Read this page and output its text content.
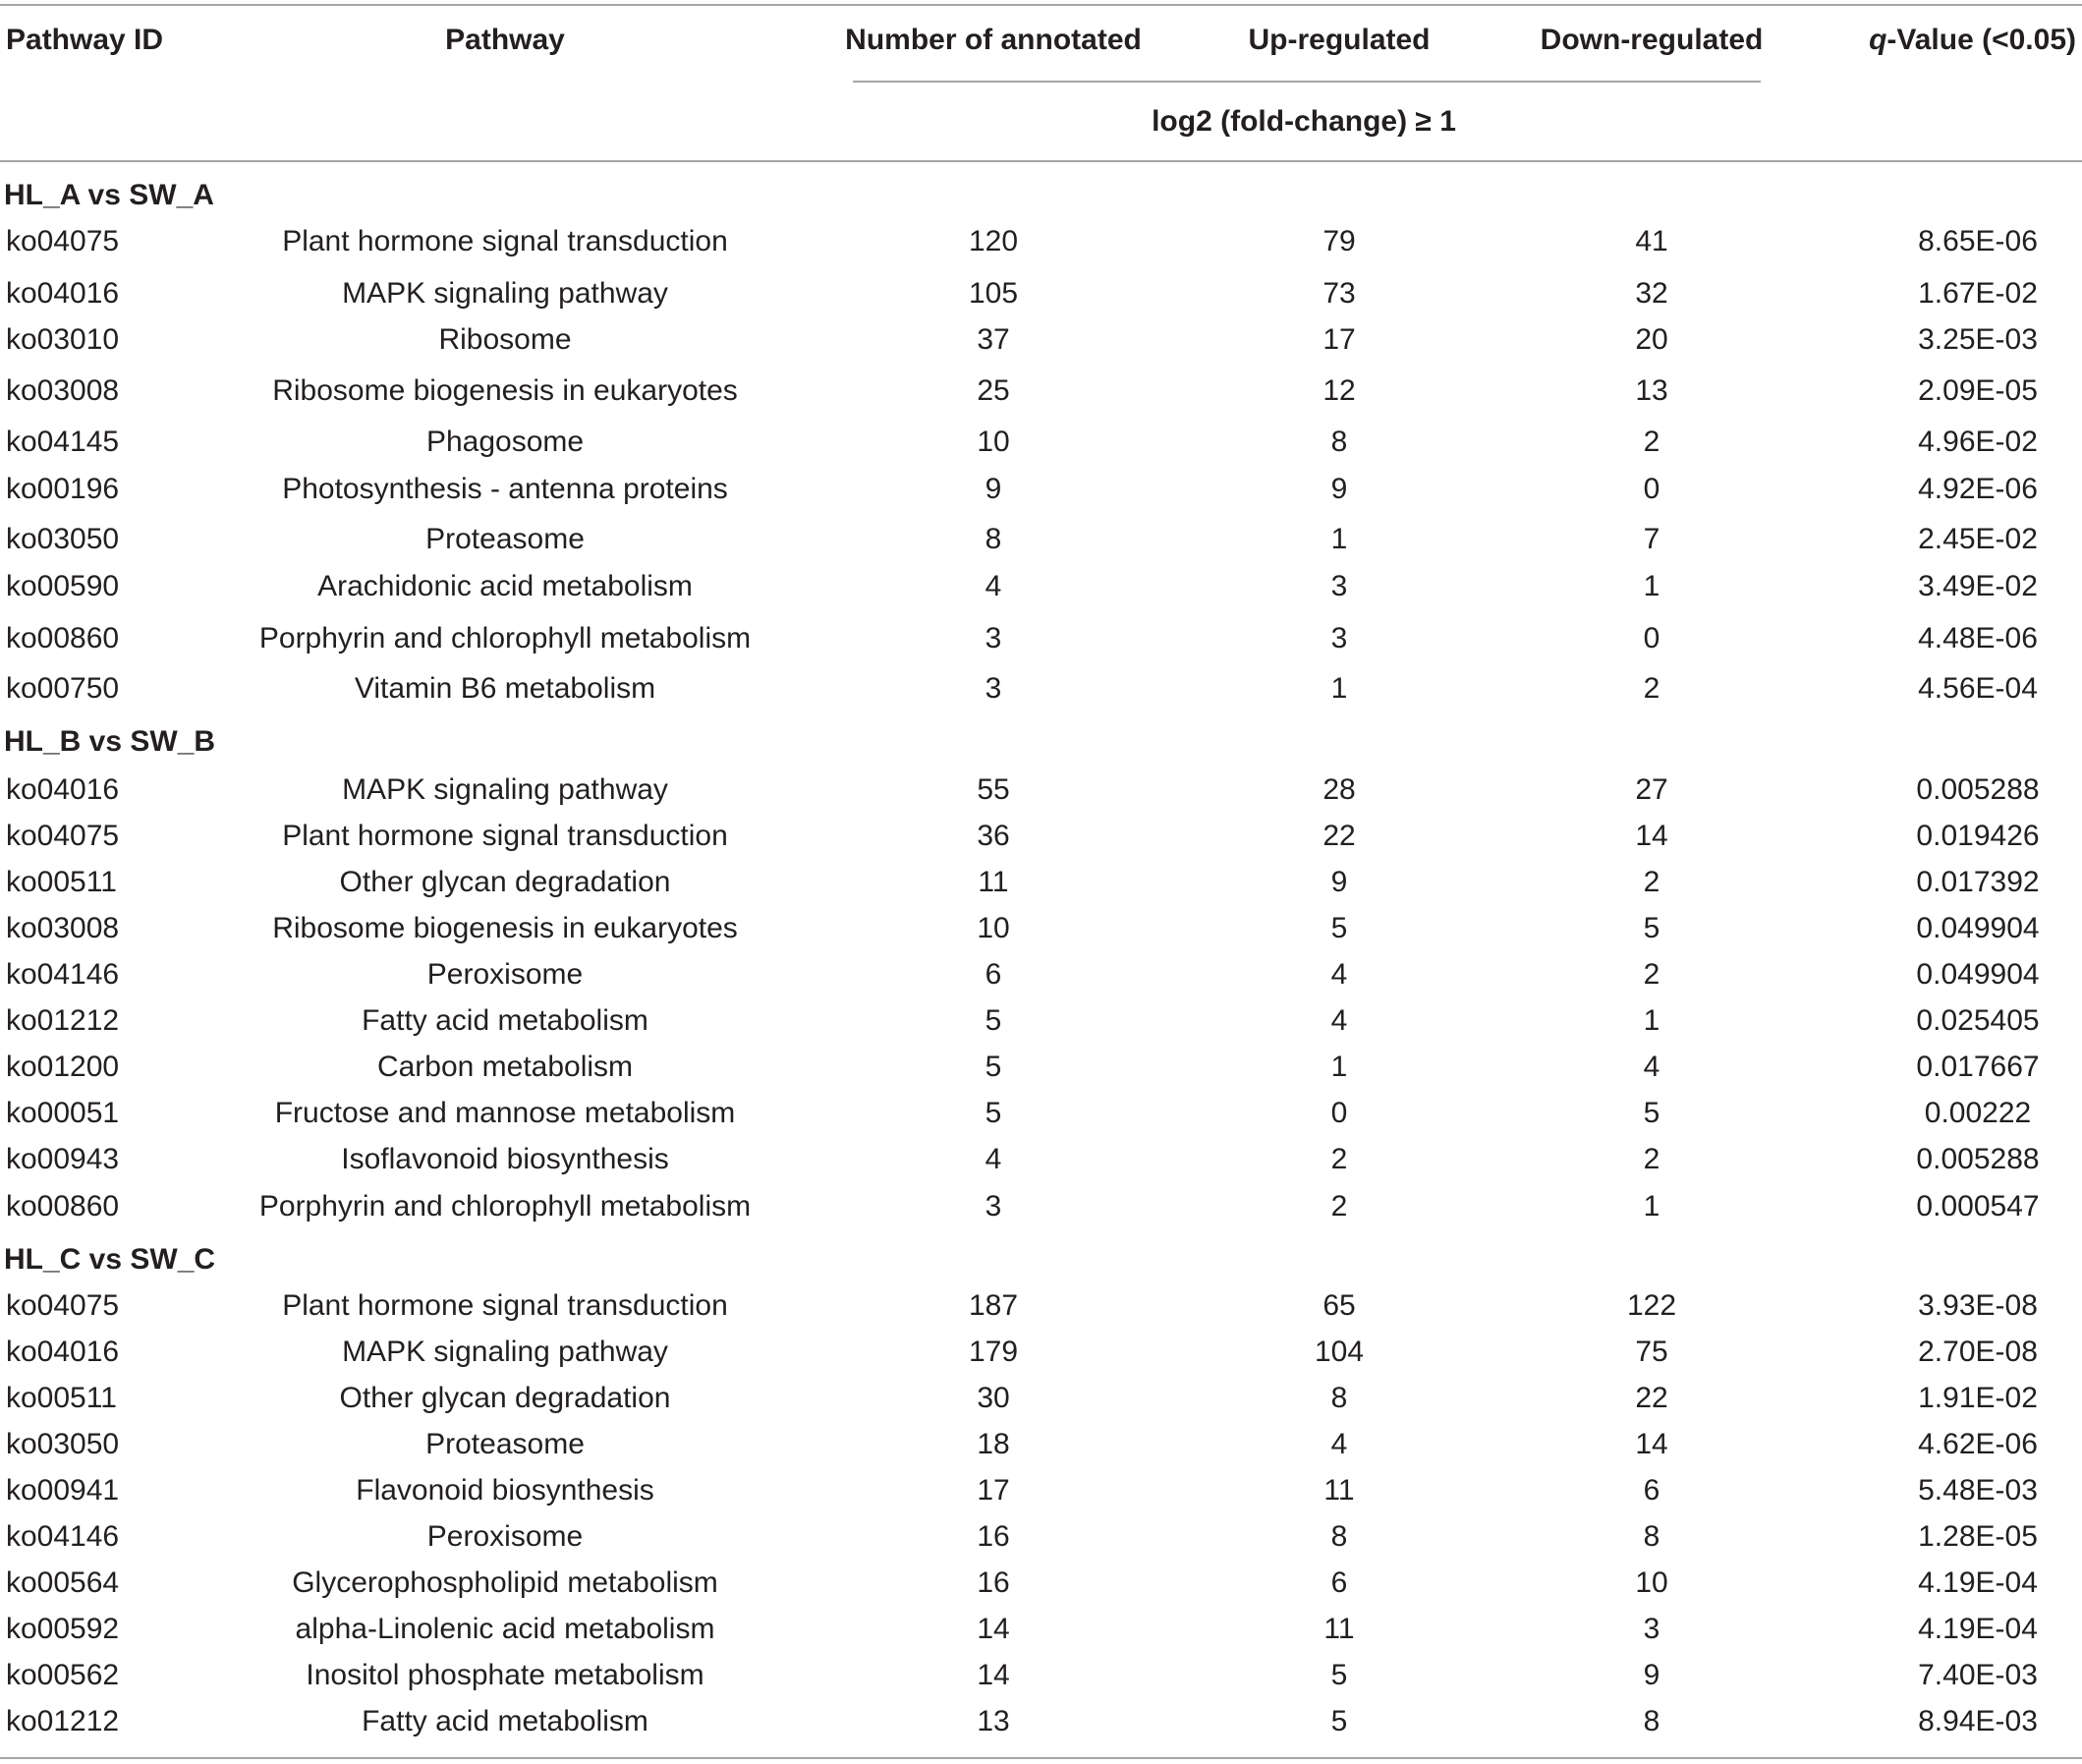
Pathway ID	Pathway	Number of annotated	Up-regulated	Down-regulated	q-Value (<0.05)
log2 (fold-change) ≥ 1
HL_A vs SW_A
ko04075	Plant hormone signal transduction	120	79	41	8.65E-06
ko04016	MAPK signaling pathway	105	73	32	1.67E-02
ko03010	Ribosome	37	17	20	3.25E-03
ko03008	Ribosome biogenesis in eukaryotes	25	12	13	2.09E-05
ko04145	Phagosome	10	8	2	4.96E-02
ko00196	Photosynthesis - antenna proteins	9	9	0	4.92E-06
ko03050	Proteasome	8	1	7	2.45E-02
ko00590	Arachidonic acid metabolism	4	3	1	3.49E-02
ko00860	Porphyrin and chlorophyll metabolism	3	3	0	4.48E-06
ko00750	Vitamin B6 metabolism	3	1	2	4.56E-04
HL_B vs SW_B
ko04016	MAPK signaling pathway	55	28	27	0.005288
ko04075	Plant hormone signal transduction	36	22	14	0.019426
ko00511	Other glycan degradation	11	9	2	0.017392
ko03008	Ribosome biogenesis in eukaryotes	10	5	5	0.049904
ko04146	Peroxisome	6	4	2	0.049904
ko01212	Fatty acid metabolism	5	4	1	0.025405
ko01200	Carbon metabolism	5	1	4	0.017667
ko00051	Fructose and mannose metabolism	5	0	5	0.00222
ko00943	Isoflavonoid biosynthesis	4	2	2	0.005288
ko00860	Porphyrin and chlorophyll metabolism	3	2	1	0.000547
HL_C vs SW_C
ko04075	Plant hormone signal transduction	187	65	122	3.93E-08
ko04016	MAPK signaling pathway	179	104	75	2.70E-08
ko00511	Other glycan degradation	30	8	22	1.91E-02
ko03050	Proteasome	18	4	14	4.62E-06
ko00941	Flavonoid biosynthesis	17	11	6	5.48E-03
ko04146	Peroxisome	16	8	8	1.28E-05
ko00564	Glycerophospholipid metabolism	16	6	10	4.19E-04
ko00592	alpha-Linolenic acid metabolism	14	11	3	4.19E-04
ko00562	Inositol phosphate metabolism	14	5	9	7.40E-03
ko01212	Fatty acid metabolism	13	5	8	8.94E-03
